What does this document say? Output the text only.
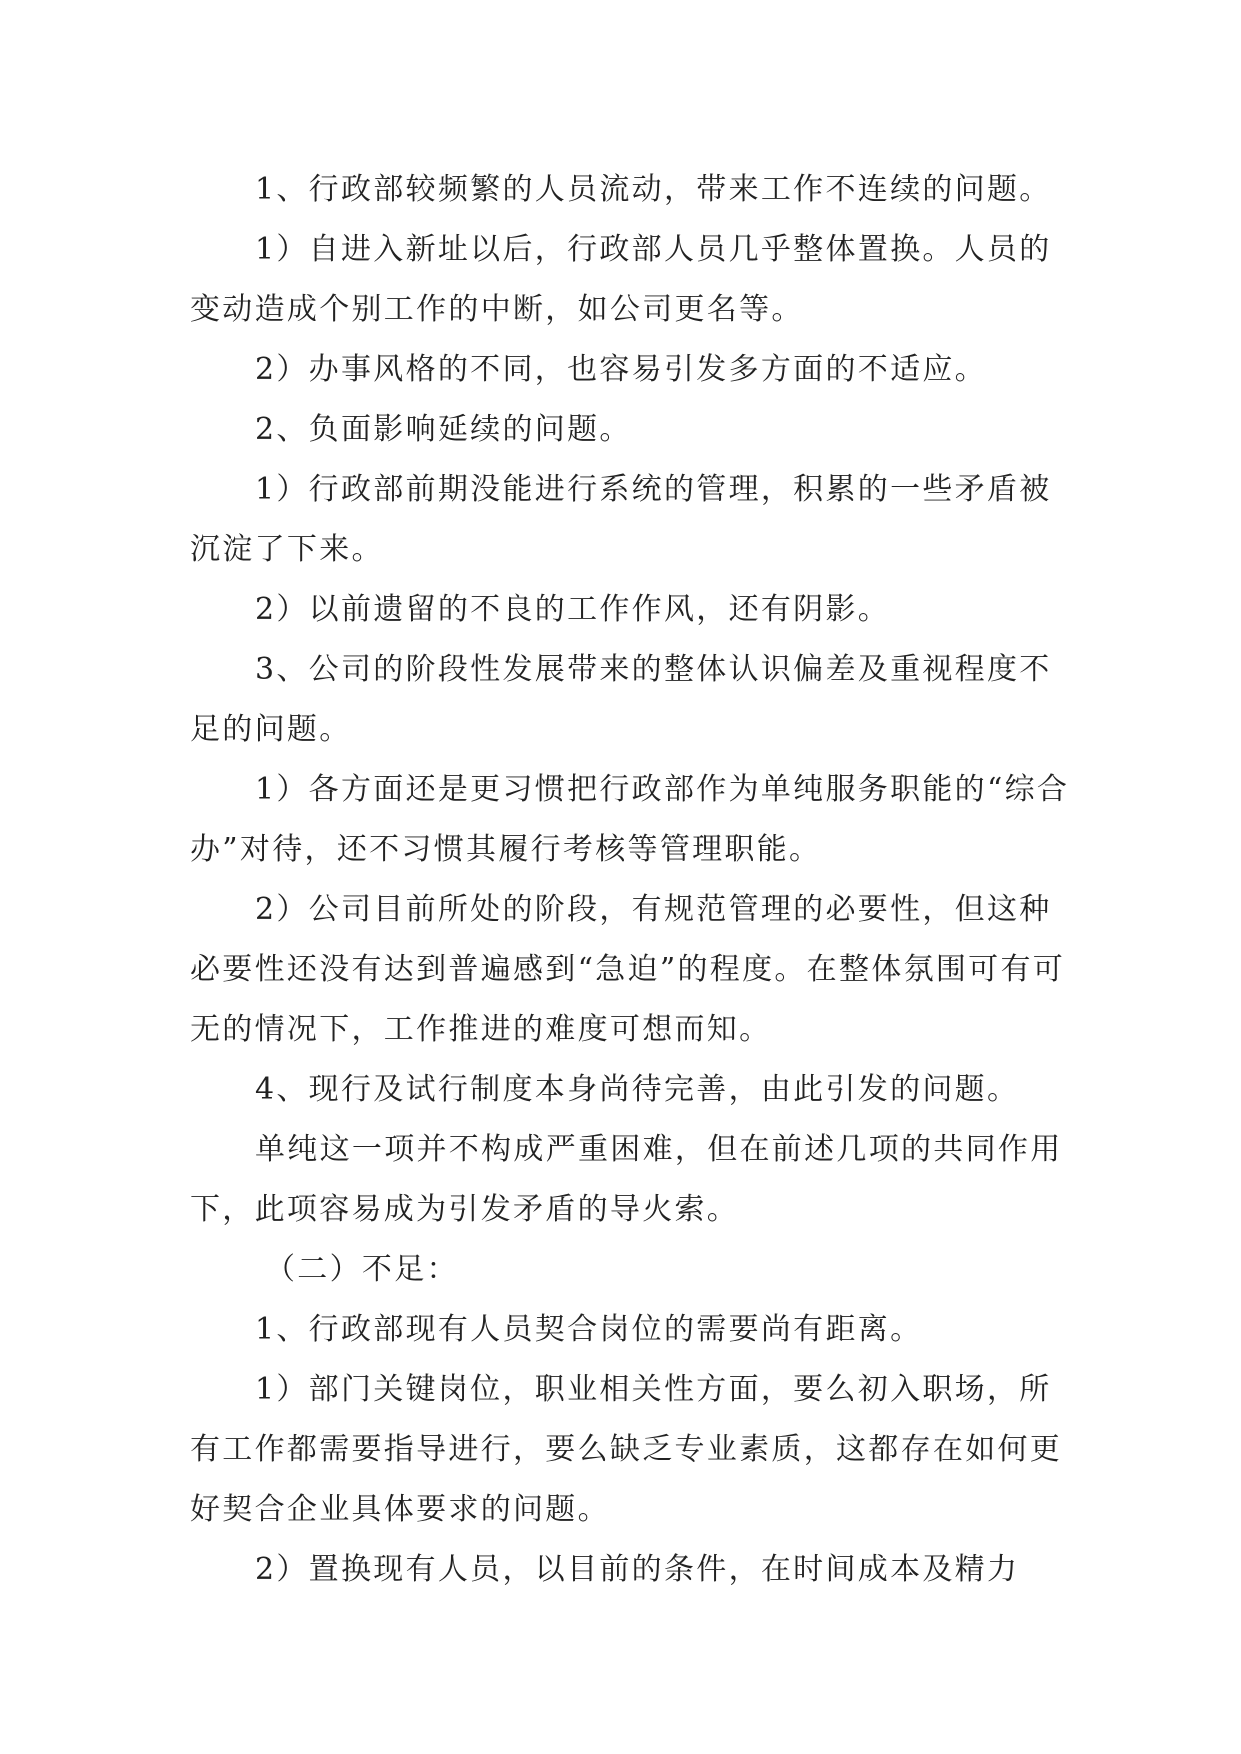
1、行政部较频繁的人员流动，带来工作不连续的问题。

1）自进入新址以后，行政部人员几乎整体置换。人员的变动造成个别工作的中断，如公司更名等。

2）办事风格的不同，也容易引发多方面的不适应。

2、负面影响延续的问题。

1）行政部前期没能进行系统的管理，积累的一些矛盾被沉淀了下来。

2）以前遗留的不良的工作作风，还有阴影。

3、公司的阶段性发展带来的整体认识偏差及重视程度不足的问题。

1）各方面还是更习惯把行政部作为单纯服务职能的“综合办”对待，还不习惯其履行考核等管理职能。

2）公司目前所处的阶段，有规范管理的必要性，但这种必要性还没有达到普遍感到“急迫”的程度。在整体氛围可有可无的情况下，工作推进的难度可想而知。

4、现行及试行制度本身尚待完善，由此引发的问题。

单纯这一项并不构成严重困难，但在前述几项的共同作用下，此项容易成为引发矛盾的导火索。

（二）不足：

1、行政部现有人员契合岗位的需要尚有距离。

1）部门关键岗位，职业相关性方面，要么初入职场，所有工作都需要指导进行，要么缺乏专业素质，这都存在如何更好契合企业具体要求的问题。

2）置换现有人员，以目前的条件，在时间成本及精力
